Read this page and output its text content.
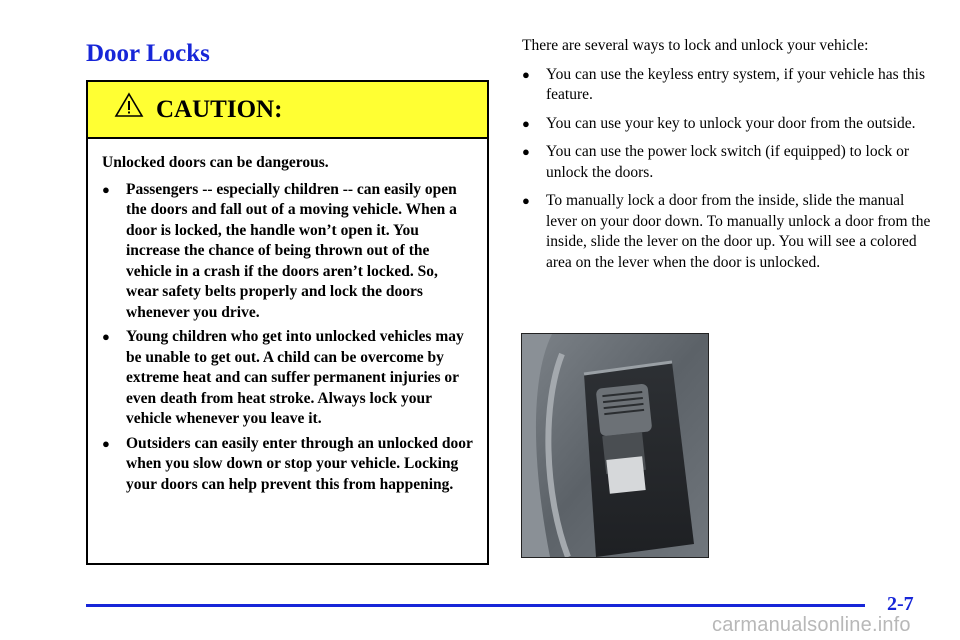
Door Locks
CAUTION:
Unlocked doors can be dangerous.
●	Passengers -- especially children -- can easily open the doors and fall out of a moving vehicle. When a door is locked, the handle won’t open it. You increase the chance of being thrown out of the vehicle in a crash if the doors aren’t locked. So, wear safety belts properly and lock the doors whenever you drive.
●	Young children who get into unlocked vehicles may be unable to get out. A child can be overcome by extreme heat and can suffer permanent injuries or even death from heat stroke. Always lock your vehicle whenever you leave it.
●	Outsiders can easily enter through an unlocked door when you slow down or stop your vehicle. Locking your doors can help prevent this from happening.
There are several ways to lock and unlock your vehicle:
●	You can use the keyless entry system, if your vehicle has this feature.
●	You can use your key to unlock your door from the outside.
●	You can use the power lock switch (if equipped) to lock or unlock the doors.
●	To manually lock a door from the inside, slide the manual lever on your door down. To manually unlock a door from the inside, slide the lever on the door up. You will see a colored area on the lever when the door is unlocked.
2-7
carmanualsonline.info
